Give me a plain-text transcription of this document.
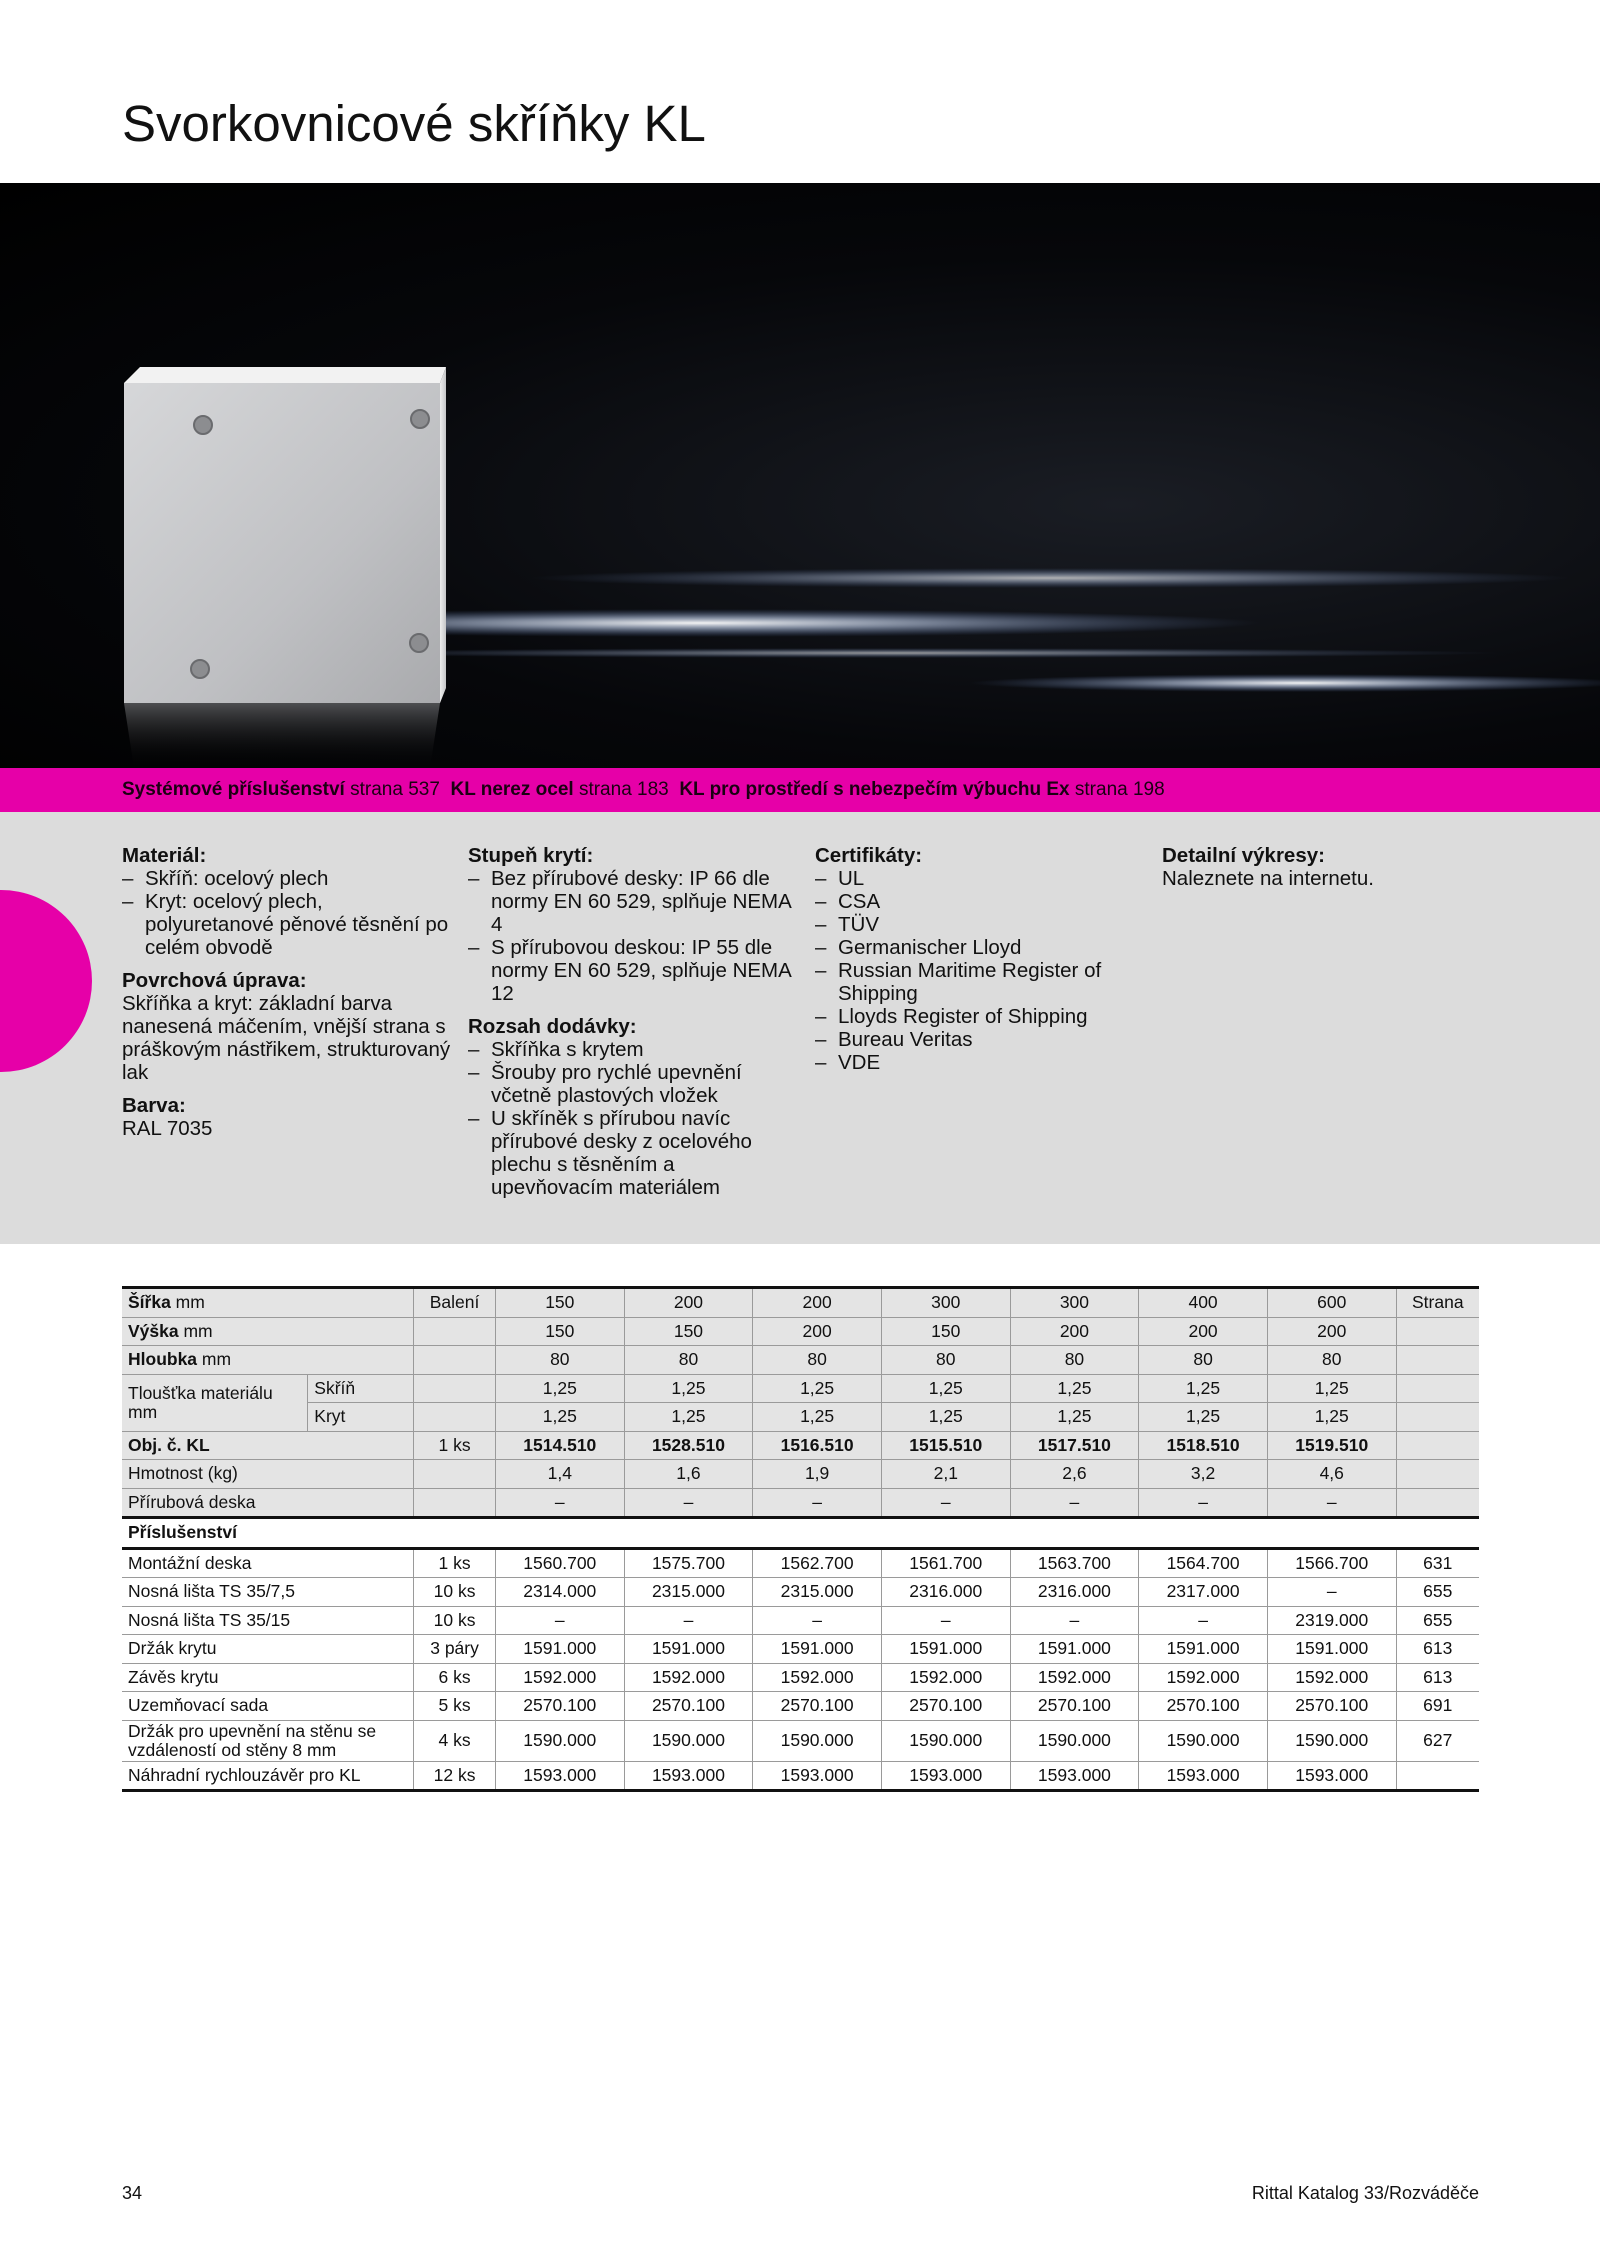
Svorkovnicové skříňky KL
Systémové příslušenství strana 537 KL nerez ocel strana 183 KL pro prostředí s nebezpečím výbuchu Ex strana 198
Materiál:
– Skříň: ocelový plech
– Kryt: ocelový plech, polyuretanové pěnové těsnění po celém obvodě
Povrchová úprava:

Skříňka a kryt: základní barva nanesená máčením, vnější strana s práškovým nástřikem, strukturovaný lak

Barva:

RAL 7035

Stupeň krytí:
– Bez přírubové desky: IP 66 dle normy EN 60 529, splňuje NEMA 4
– S přírubovou deskou: IP 55 dle normy EN 60 529, splňuje NEMA 12
Rozsah dodávky:
– Skříňka s krytem
– Šrouby pro rychlé upevnění včetně plastových vložek
– U skříněk s přírubou navíc přírubové desky z ocelového plechu s těsněním a upevňovacím materiálem
Certifikáty:
– UL
– CSA
– TÜV
– Germanischer Lloyd
– Russian Maritime Register of Shipping
– Lloyds Register of Shipping
– Bureau Veritas
– VDE
Detailní výkresy:

Naleznete na internetu.

Šířka mm		Balení	150	200	200	300	300	400	600	Strana
Výška mm			150	150	200	150	200	200	200	
Hloubka mm			80	80	80	80	80	80	80	
Tloušťka materiálu mm	Skříň		1,25	1,25	1,25	1,25	1,25	1,25	1,25	
	Kryt		1,25	1,25	1,25	1,25	1,25	1,25	1,25	
Obj. č. KL		1 ks	1514.510	1528.510	1516.510	1515.510	1517.510	1518.510	1519.510	
Hmotnost (kg)			1,4	1,6	1,9	2,1	2,6	3,2	4,6	
Přírubová deska			–	–	–	–	–	–	–	
Příslušenství										
Montážní deska		1 ks	1560.700	1575.700	1562.700	1561.700	1563.700	1564.700	1566.700	631
Nosná lišta TS 35/7,5		10 ks	2314.000	2315.000	2315.000	2316.000	2316.000	2317.000	–	655
Nosná lišta TS 35/15		10 ks	–	–	–	–	–	–	2319.000	655
Držák krytu		3 páry	1591.000	1591.000	1591.000	1591.000	1591.000	1591.000	1591.000	613
Závěs krytu		6 ks	1592.000	1592.000	1592.000	1592.000	1592.000	1592.000	1592.000	613
Uzemňovací sada		5 ks	2570.100	2570.100	2570.100	2570.100	2570.100	2570.100	2570.100	691
Držák pro upevnění na stěnu se vzdáleností od stěny 8 mm		4 ks	1590.000	1590.000	1590.000	1590.000	1590.000	1590.000	1590.000	627
Náhradní rychlouzávěr pro KL		12 ks	1593.000	1593.000	1593.000	1593.000	1593.000	1593.000	1593.000	
34	Rittal Katalog 33/Rozváděče
